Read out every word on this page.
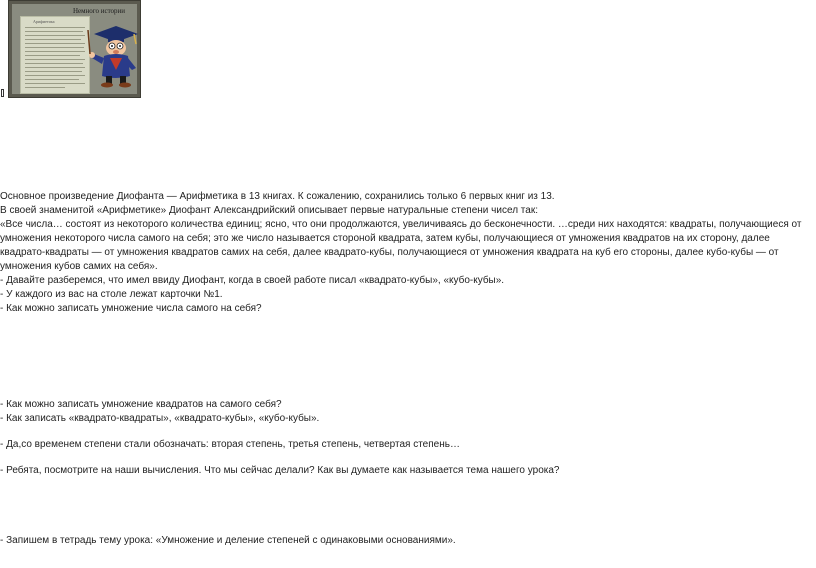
Немного истории
Арифметика

Основное произведение Диофанта — Арифметика в 13 книгах. К сожалению, сохранились только 6 первых книг из 13.

В своей знаменитой «Арифметике» Диофант Александрийский описывает первые натуральные степени чисел так:

«Все числа… состоят из некоторого количества единиц; ясно, что они продолжаются, увеличиваясь до бесконечности. …среди них находятся: квадраты, получающиеся от умножения некоторого числа самого на себя; это же число называется стороной квадрата, затем кубы, получающиеся от умножения квадратов на их сторону, далее квадрато-квадраты — от умножения квадратов самих на себя, далее квадрато-кубы, получающиеся от умножения квадрата на куб его стороны, далее кубо-кубы — от умножения кубов самих на себя».

- Давайте разберемся, что имел ввиду Диофант, когда в своей работе писал «квадрато-кубы», «кубо-кубы».

- У каждого из вас на столе лежат карточки №1.

- Как можно записать умножение числа самого на себя?

- Как можно записать умножение квадратов на самого себя?

- Как записать «квадрато-квадраты», «квадрато-кубы», «кубо-кубы».

- Да,со временем степени стали обозначать: вторая степень, третья степень, четвертая степень…

- Ребята, посмотрите на наши вычисления. Что мы сейчас делали? Как вы думаете как называется тема нашего урока?

- Запишем в тетрадь тему урока: «Умножение и деление степеней с одинаковыми основаниями».
